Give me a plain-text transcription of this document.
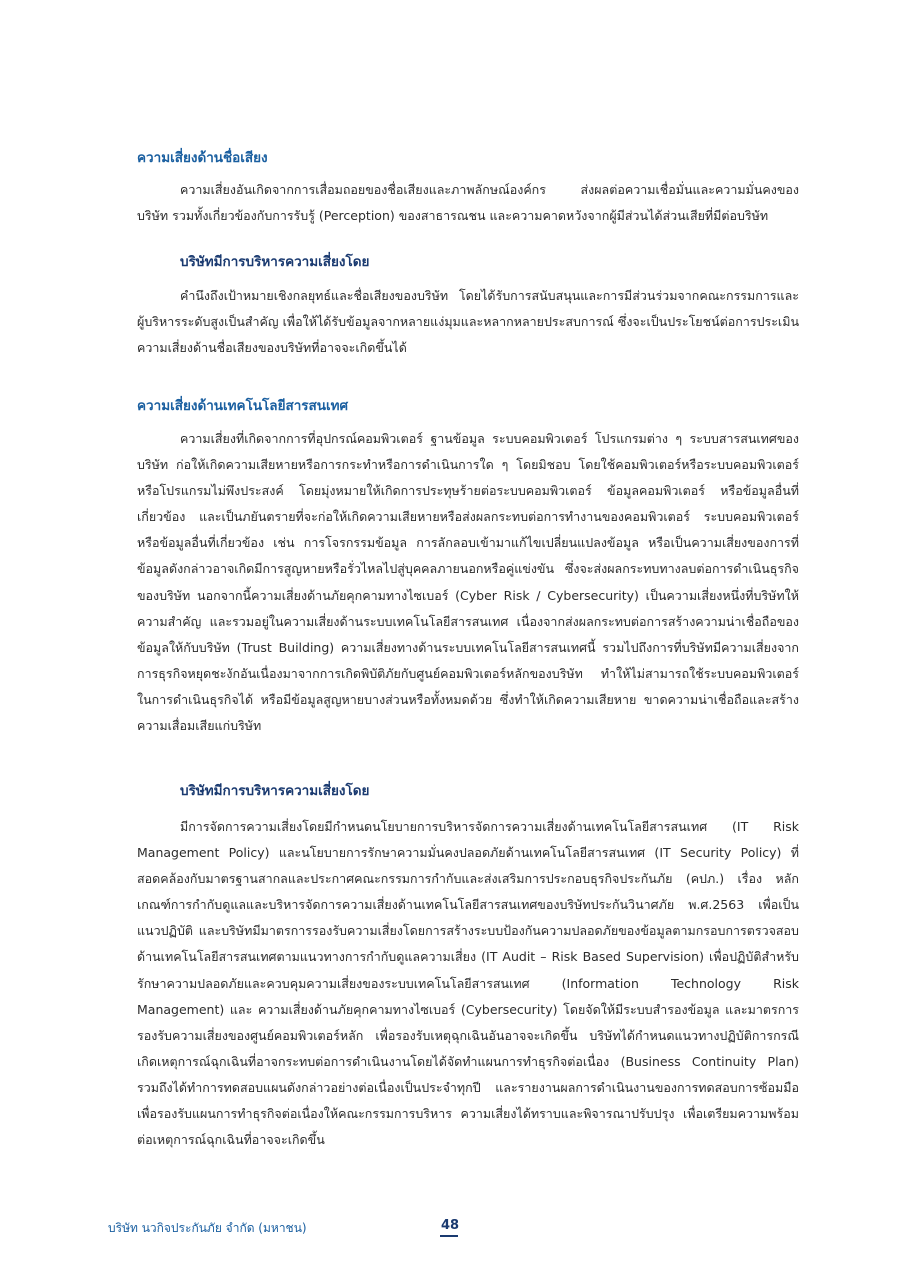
ความเสี่ยงด้านชื่อเสียง

ความเสี่ยงอันเกิดจากการเสื่อมถอยของชื่อเสียงและภาพลักษณ์องค์กร ส่งผลต่อความเชื่อมั่นและความมั่นคงของบริษัท รวมทั้งเกี่ยวข้องกับการรับรู้ (Perception) ของสาธารณชน และความคาดหวังจากผู้มีส่วนได้ส่วนเสียที่มีต่อบริษัท

บริษัทมีการบริหารความเสี่ยงโดย

คำนึงถึงเป้าหมายเชิงกลยุทธ์และชื่อเสียงของบริษัท โดยได้รับการสนับสนุนและการมีส่วนร่วมจากคณะกรรมการและผู้บริหารระดับสูงเป็นสำคัญ เพื่อให้ได้รับข้อมูลจากหลายแง่มุมและหลากหลายประสบการณ์ ซึ่งจะเป็นประโยชน์ต่อการประเมินความเสี่ยงด้านชื่อเสียงของบริษัทที่อาจจะเกิดขึ้นได้

ความเสี่ยงด้านเทคโนโลยีสารสนเทศ

ความเสี่ยงที่เกิดจากการที่อุปกรณ์คอมพิวเตอร์ ฐานข้อมูล ระบบคอมพิวเตอร์ โปรแกรมต่าง ๆ ระบบสารสนเทศของบริษัท ก่อให้เกิดความเสียหายหรือการกระทำหรือการดำเนินการใด ๆ โดยมิชอบ โดยใช้คอมพิวเตอร์หรือระบบคอมพิวเตอร์ หรือโปรแกรมไม่พึงประสงค์ โดยมุ่งหมายให้เกิดการประทุษร้ายต่อระบบคอมพิวเตอร์ ข้อมูลคอมพิวเตอร์ หรือข้อมูลอื่นที่เกี่ยวข้อง และเป็นภยันตรายที่จะก่อให้เกิดความเสียหายหรือส่งผลกระทบต่อการทำงานของคอมพิวเตอร์ ระบบคอมพิวเตอร์ หรือข้อมูลอื่นที่เกี่ยวข้อง เช่น การโจรกรรมข้อมูล การลักลอบเข้ามาแก้ไขเปลี่ยนแปลงข้อมูล หรือเป็นความเสี่ยงของการที่ข้อมูลดังกล่าวอาจเกิดมีการสูญหายหรือรั่วไหลไปสู่บุคคลภายนอกหรือคู่แข่งขัน ซึ่งจะส่งผลกระทบทางลบต่อการดำเนินธุรกิจของบริษัท นอกจากนี้ความเสี่ยงด้านภัยคุกคามทางไซเบอร์ (Cyber Risk / Cybersecurity) เป็นความเสี่ยงหนึ่งที่บริษัทให้ความสำคัญ และรวมอยู่ในความเสี่ยงด้านระบบเทคโนโลยีสารสนเทศ เนื่องจากส่งผลกระทบต่อการสร้างความน่าเชื่อถือของข้อมูลให้กับบริษัท (Trust Building) ความเสี่ยงทางด้านระบบเทคโนโลยีสารสนเทศนี้ รวมไปถึงการที่บริษัทมีความเสี่ยงจากการธุรกิจหยุดชะงักอันเนื่องมาจากการเกิดพิบัติภัยกับศูนย์คอมพิวเตอร์หลักของบริษัท ทำให้ไม่สามารถใช้ระบบคอมพิวเตอร์ในการดำเนินธุรกิจได้ หรือมีข้อมูลสูญหายบางส่วนหรือทั้งหมดด้วย ซึ่งทำให้เกิดความเสียหาย ขาดความน่าเชื่อถือและสร้างความเสื่อมเสียแก่บริษัท

บริษัทมีการบริหารความเสี่ยงโดย

มีการจัดการความเสี่ยงโดยมีกำหนดนโยบายการบริหารจัดการความเสี่ยงด้านเทคโนโลยีสารสนเทศ (IT Risk Management Policy) และนโยบายการรักษาความมั่นคงปลอดภัยด้านเทคโนโลยีสารสนเทศ (IT Security Policy) ที่สอดคล้องกับมาตรฐานสากลและประกาศคณะกรรมการกำกับและส่งเสริมการประกอบธุรกิจประกันภัย (คปภ.) เรื่อง หลักเกณฑ์การกำกับดูแลและบริหารจัดการความเสี่ยงด้านเทคโนโลยีสารสนเทศของบริษัทประกันวินาศภัย พ.ศ.2563 เพื่อเป็นแนวปฏิบัติ และบริษัทมีมาตรการรองรับความเสี่ยงโดยการสร้างระบบป้องกันความปลอดภัยของข้อมูลตามกรอบการตรวจสอบด้านเทคโนโลยีสารสนเทศตามแนวทางการกำกับดูแลความเสี่ยง (IT Audit – Risk Based Supervision) เพื่อปฏิบัติสำหรับรักษาความปลอดภัยและควบคุมความเสี่ยงของระบบเทคโนโลยีสารสนเทศ (Information Technology Risk Management) และ ความเสี่ยงด้านภัยคุกคามทางไซเบอร์ (Cybersecurity) โดยจัดให้มีระบบสำรองข้อมูล และมาตรการรองรับความเสี่ยงของศูนย์คอมพิวเตอร์หลัก เพื่อรองรับเหตุฉุกเฉินอันอาจจะเกิดขึ้น บริษัทได้กำหนดแนวทางปฏิบัติการกรณีเกิดเหตุการณ์ฉุกเฉินที่อาจกระทบต่อการดำเนินงานโดยได้จัดทำแผนการทำธุรกิจต่อเนื่อง (Business Continuity Plan) รวมถึงได้ทำการทดสอบแผนดังกล่าวอย่างต่อเนื่องเป็นประจำทุกปี และรายงานผลการดำเนินงานของการทดสอบการซ้อมมือ เพื่อรองรับแผนการทำธุรกิจต่อเนื่องให้คณะกรรมการบริหาร ความเสี่ยงได้ทราบและพิจารณาปรับปรุง เพื่อเตรียมความพร้อมต่อเหตุการณ์ฉุกเฉินที่อาจจะเกิดขึ้น

บริษัท นวกิจประกันภัย จำกัด (มหาชน)	48
